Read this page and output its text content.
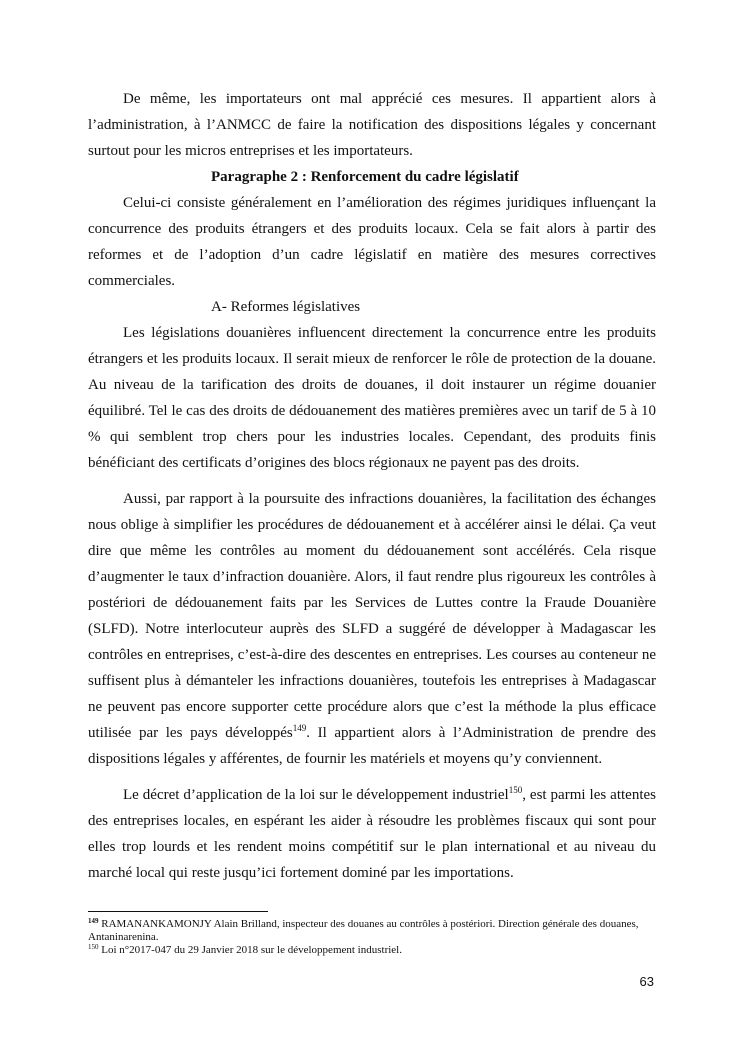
De même, les importateurs ont mal apprécié ces mesures. Il appartient alors à l’administration, à l’ANMCC de faire la notification des dispositions légales y concernant surtout pour les micros entreprises et les importateurs.

Paragraphe 2 : Renforcement du cadre législatif

Celui-ci consiste généralement en l’amélioration des régimes juridiques influençant la concurrence des produits étrangers et des produits locaux. Cela se fait alors à partir des reformes et de l’adoption d’un cadre législatif en matière des mesures correctives commerciales.

A- Reformes législatives

Les législations douanières influencent directement la concurrence entre les produits étrangers et les produits locaux. Il serait mieux de renforcer le rôle de protection de la douane. Au niveau de la tarification des droits de douanes, il doit instaurer un régime douanier équilibré. Tel le cas des droits de dédouanement des matières premières avec un tarif de 5 à 10 % qui semblent trop chers pour les industries locales. Cependant, des produits finis bénéficiant des certificats d’origines des blocs régionaux ne payent pas des droits.

Aussi, par rapport à la poursuite des infractions douanières, la facilitation des échanges nous oblige à simplifier les procédures de dédouanement et à accélérer ainsi le délai. Ça veut dire que même les contrôles au moment du dédouanement sont accélérés. Cela risque d’augmenter le taux d’infraction douanière. Alors, il faut rendre plus rigoureux les contrôles à postériori de dédouanement faits par les Services de Luttes contre la Fraude Douanière (SLFD). Notre interlocuteur auprès des SLFD a suggéré de développer à Madagascar les contrôles en entreprises, c’est-à-dire des descentes en entreprises. Les courses au conteneur ne suffisent plus à démanteler les infractions douanières, toutefois les entreprises à Madagascar ne peuvent pas encore supporter cette procédure alors que c’est la méthode la plus efficace utilisée par les pays développés$^{149}$. Il appartient alors à l’Administration de prendre des dispositions légales y afférentes, de fournir les matériels et moyens qu’y conviennent.

Le décret d’application de la loi sur le développement industriel$^{150}$, est parmi les attentes des entreprises locales, en espérant les aider à résoudre les problèmes fiscaux qui sont pour elles trop lourds et les rendent moins compétitif sur le plan international et au niveau du marché local qui reste jusqu’ici fortement dominé par les importations.

$^{149}$ RAMANANKAMONJY Alain Brilland, inspecteur des douanes au contrôles à postériori. Direction générale des douanes, Antaninarenina.

$^{150}$ Loi n°2017-047 du 29 Janvier 2018 sur le développement industriel.

63
